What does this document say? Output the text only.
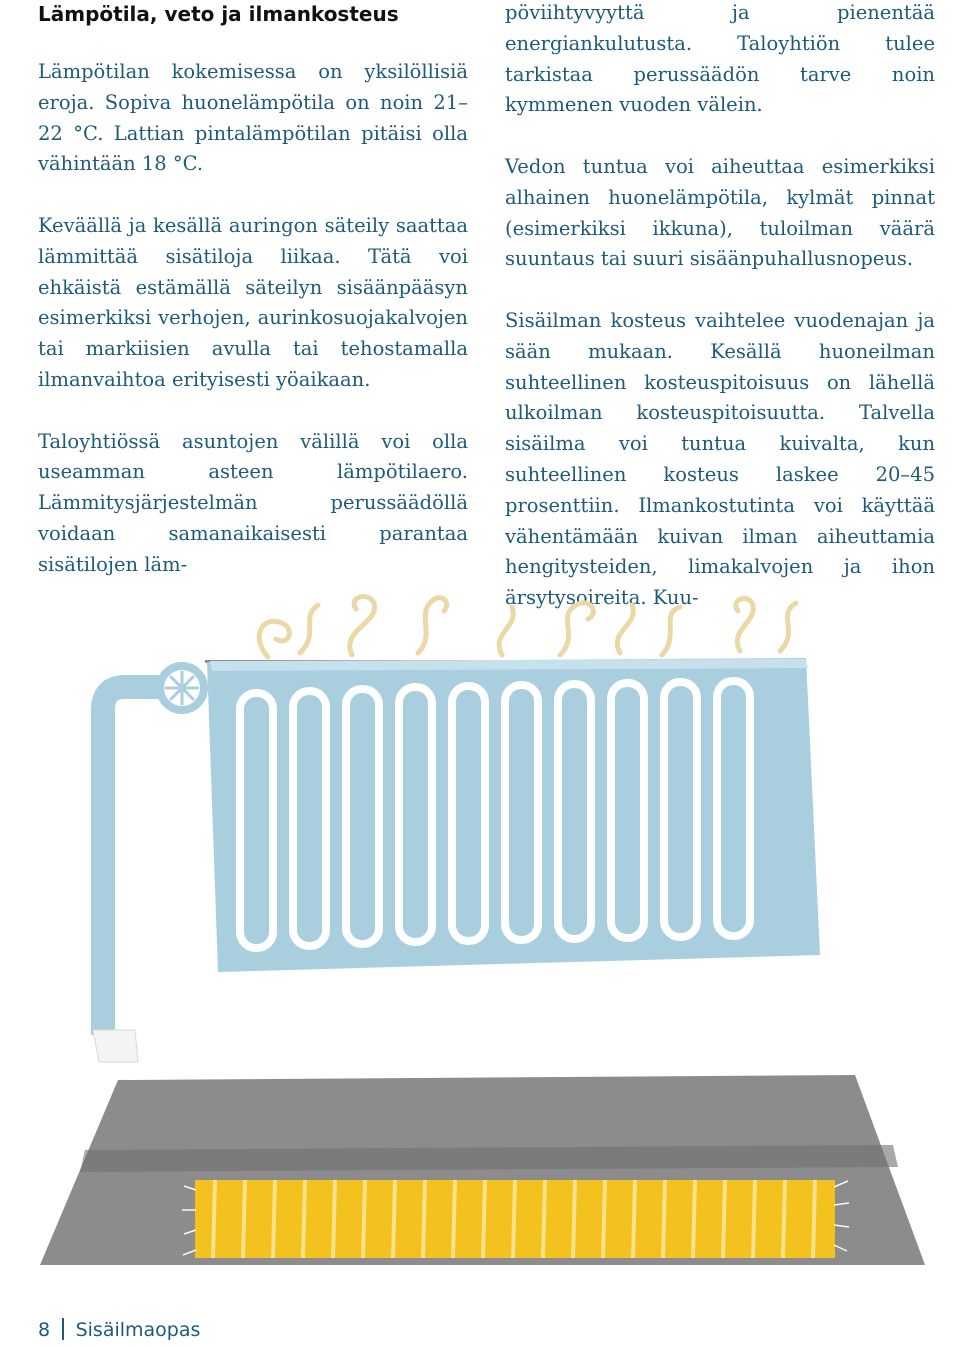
Lämpötila, veto ja ilmankosteus

Lämpötilan kokemisessa on yksilöllisiä eroja. Sopiva huonelämpötila on noin 21–22 °C. Lattian pintalämpötilan pitäisi olla vähintään 18 °C.

Keväällä ja kesällä auringon säteily saattaa lämmittää sisätiloja liikaa. Tätä voi ehkäistä estämällä säteilyn sisäänpääsyn esimerkiksi verhojen, aurinkosuojakalvojen tai markiisien avulla tai tehostamalla ilmanvaihtoa erityisesti yöaikaan.

Taloyhtiössä asuntojen välillä voi olla useamman asteen lämpötilaero. Lämmitysjärjestelmän perussäädöllä voidaan samanaikaisesti parantaa sisätilojen läm-

pöviihtyvyyttä ja pienentää energiankulutusta. Taloyhtiön tulee tarkistaa perussäädön tarve noin kymmenen vuoden välein.

Vedon tuntua voi aiheuttaa esimerkiksi alhainen huonelämpötila, kylmät pinnat (esimerkiksi ikkuna), tuloilman väärä suuntaus tai suuri sisäänpuhallusnopeus.

Sisäilman kosteus vaihtelee vuodenajan ja sään mukaan. Kesällä huoneilman suhteellinen kosteuspitoisuus on lähellä ulkoilman kosteuspitoisuutta. Talvella sisäilma voi tuntua kuivalta, kun suhteellinen kosteus laskee 20–45 prosenttiin. Ilmankostutinta voi käyttää vähentämään kuivan ilman aiheuttamia hengitysteiden, limakalvojen ja ihon ärsytysoireita. Kuu-

8 Sisäilmaopas
